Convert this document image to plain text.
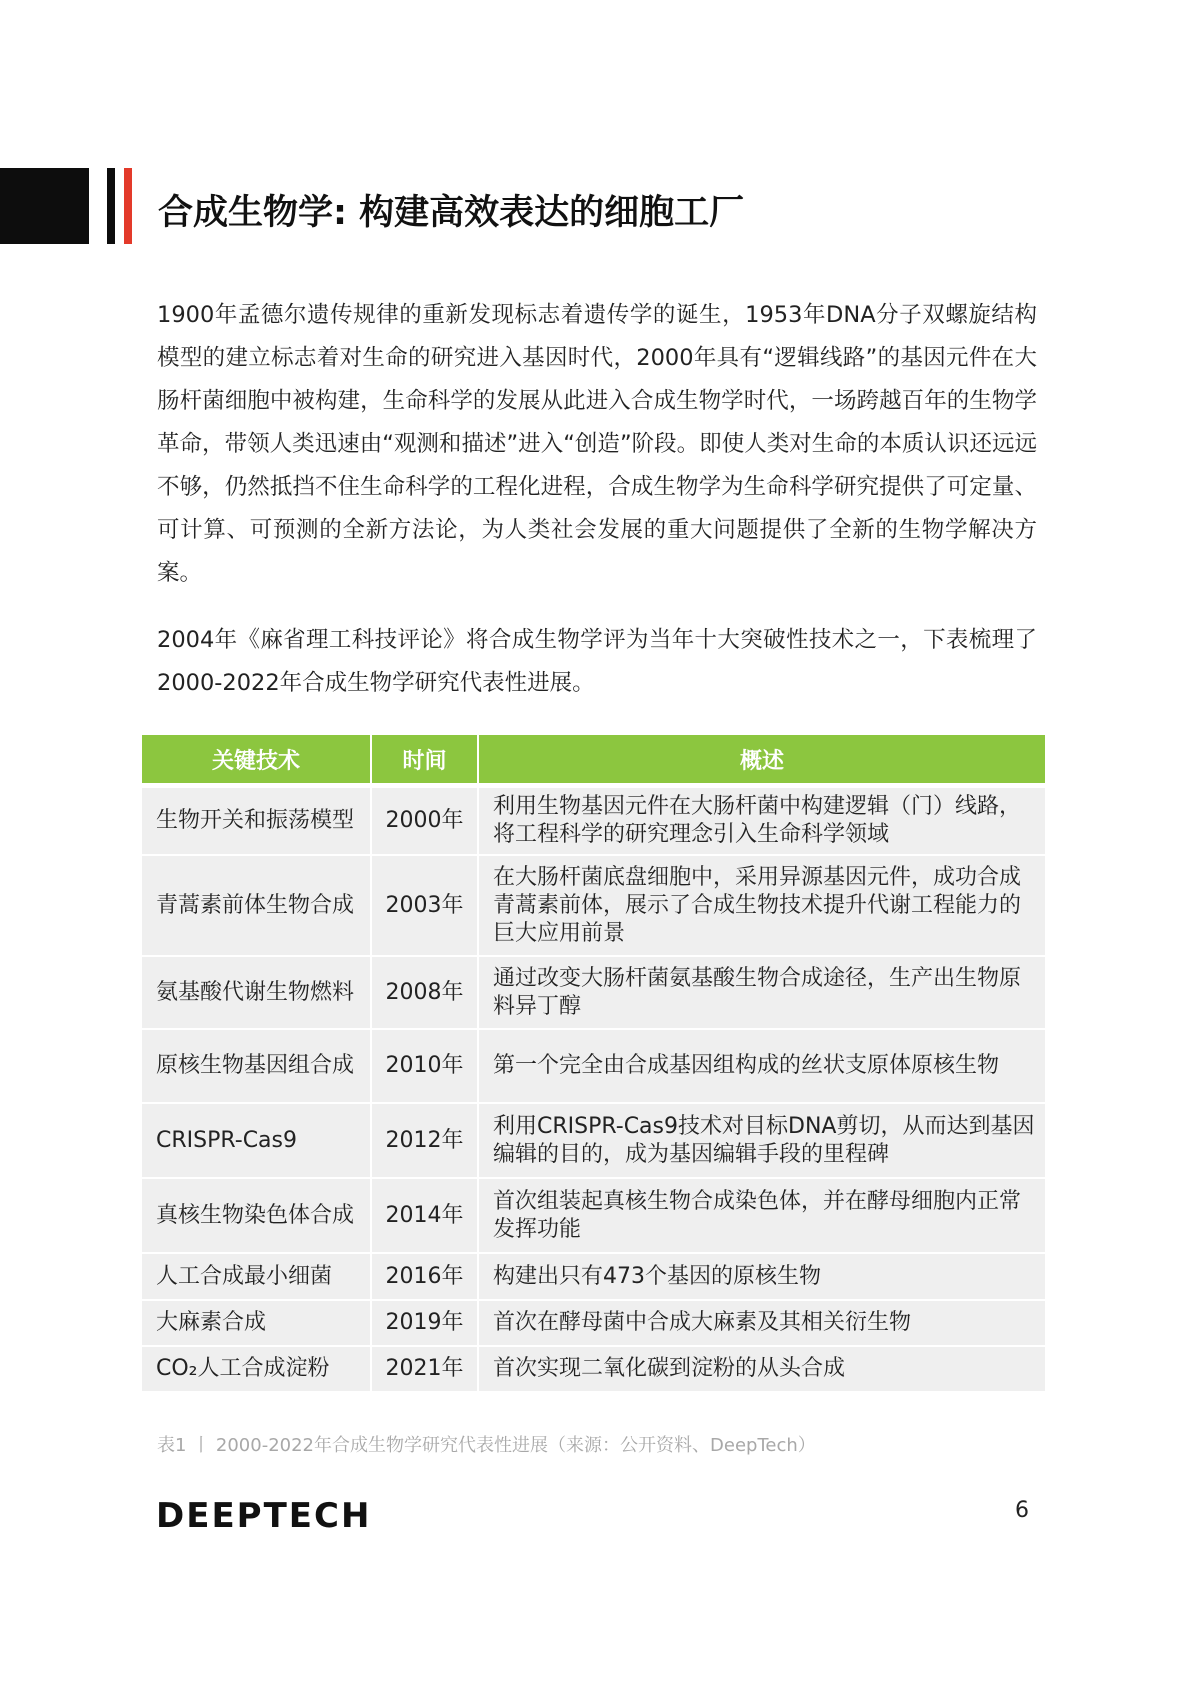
合成生物学: 构建高效表达的细胞工厂

1900年孟德尔遗传规律的重新发现标志着遗传学的诞生，1953年DNA分子双螺旋结构模型的建立标志着对生命的研究进入基因时代，2000年具有“逻辑线路”的基因元件在大肠杆菌细胞中被构建，生命科学的发展从此进入合成生物学时代，一场跨越百年的生物学革命，带领人类迅速由“观测和描述”进入“创造”阶段。即使人类对生命的本质认识还远远不够，仍然抵挡不住生命科学的工程化进程，合成生物学为生命科学研究提供了可定量、可计算、可预测的全新方法论，为人类社会发展的重大问题提供了全新的生物学解决方案。

2004年《麻省理工科技评论》将合成生物学评为当年十大突破性技术之一，下表梳理了2000-2022年合成生物学研究代表性进展。

关键技术	时间	概述
生物开关和振荡模型	2000年	利用生物基因元件在大肠杆菌中构建逻辑（门）线路，将工程科学的研究理念引入生命科学领域
青蒿素前体生物合成	2003年	在大肠杆菌底盘细胞中，采用异源基因元件，成功合成青蒿素前体，展示了合成生物技术提升代谢工程能力的巨大应用前景
氨基酸代谢生物燃料	2008年	通过改变大肠杆菌氨基酸生物合成途径，生产出生物原料异丁醇
原核生物基因组合成	2010年	第一个完全由合成基因组构成的丝状支原体原核生物
CRISPR-Cas9	2012年	利用CRISPR-Cas9技术对目标DNA剪切，从而达到基因编辑的目的，成为基因编辑手段的里程碑
真核生物染色体合成	2014年	首次组装起真核生物合成染色体，并在酵母细胞内正常发挥功能
人工合成最小细菌	2016年	构建出只有473个基因的原核生物
大麻素合成	2019年	首次在酵母菌中合成大麻素及其相关衍生物
CO₂人工合成淀粉	2021年	首次实现二氧化碳到淀粉的从头合成

表1 丨 2000-2022年合成生物学研究代表性进展（来源：公开资料、DeepTech）

DEEPTECH	6
